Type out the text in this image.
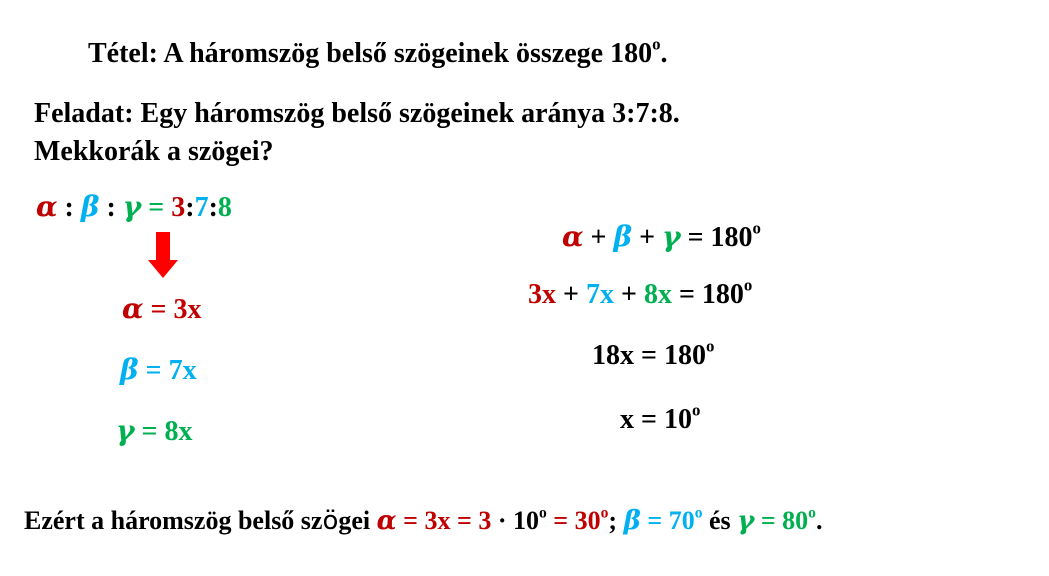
Tétel: A háromszög belső szögeinek összege 180$^o$.
Feladat: Egy háromszög belső szögeinek aránya 3:7:8.
Mekkorák a szögei?
α : β : γ = 3:7:8
α = 3x
β = 7x
γ = 8x
$\alpha + \beta + \gamma = 180^o$
$3x + 7x + 8x = 180^o$
$18x = 180^o$
$x = 10^o$
Ezért a háromszög belső szögei $\alpha = 3x = 3 \cdot 10^o = 30^o$; $\beta = 70^o$ és $\gamma = 80^o$.
